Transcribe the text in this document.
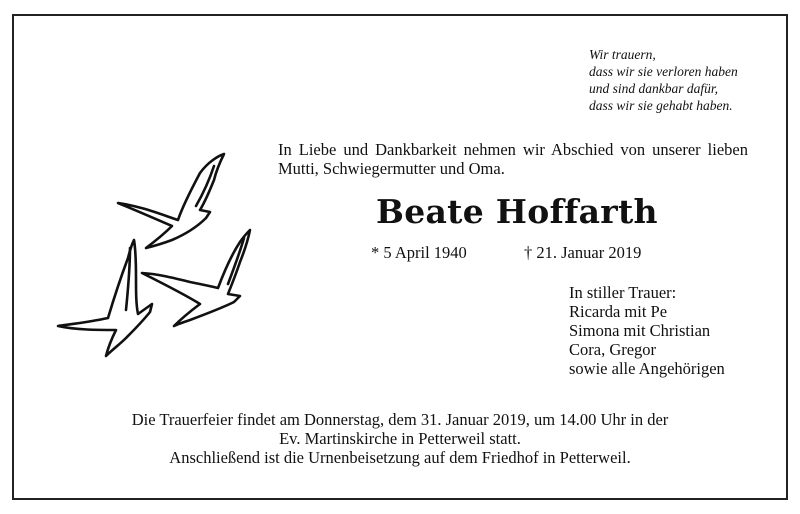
Wir trauern,
dass wir sie verloren haben
und sind dankbar dafür,
dass wir sie gehabt haben.
In Liebe und Dankbarkeit nehmen wir Abschied von unserer lieben Mutti, Schwiegermutter und Oma.
Beate Hoffarth
* 5 April 1940	† 21. Januar 2019
In stiller Trauer:
Ricarda mit Pe
Simona mit Christian
Cora, Gregor
sowie alle Angehörigen
Die Trauerfeier findet am Donnerstag, dem 31. Januar 2019, um 14.00 Uhr in der
Ev. Martinskirche in Petterweil statt.
Anschließend ist die Urnenbeisetzung auf dem Friedhof in Petterweil.
